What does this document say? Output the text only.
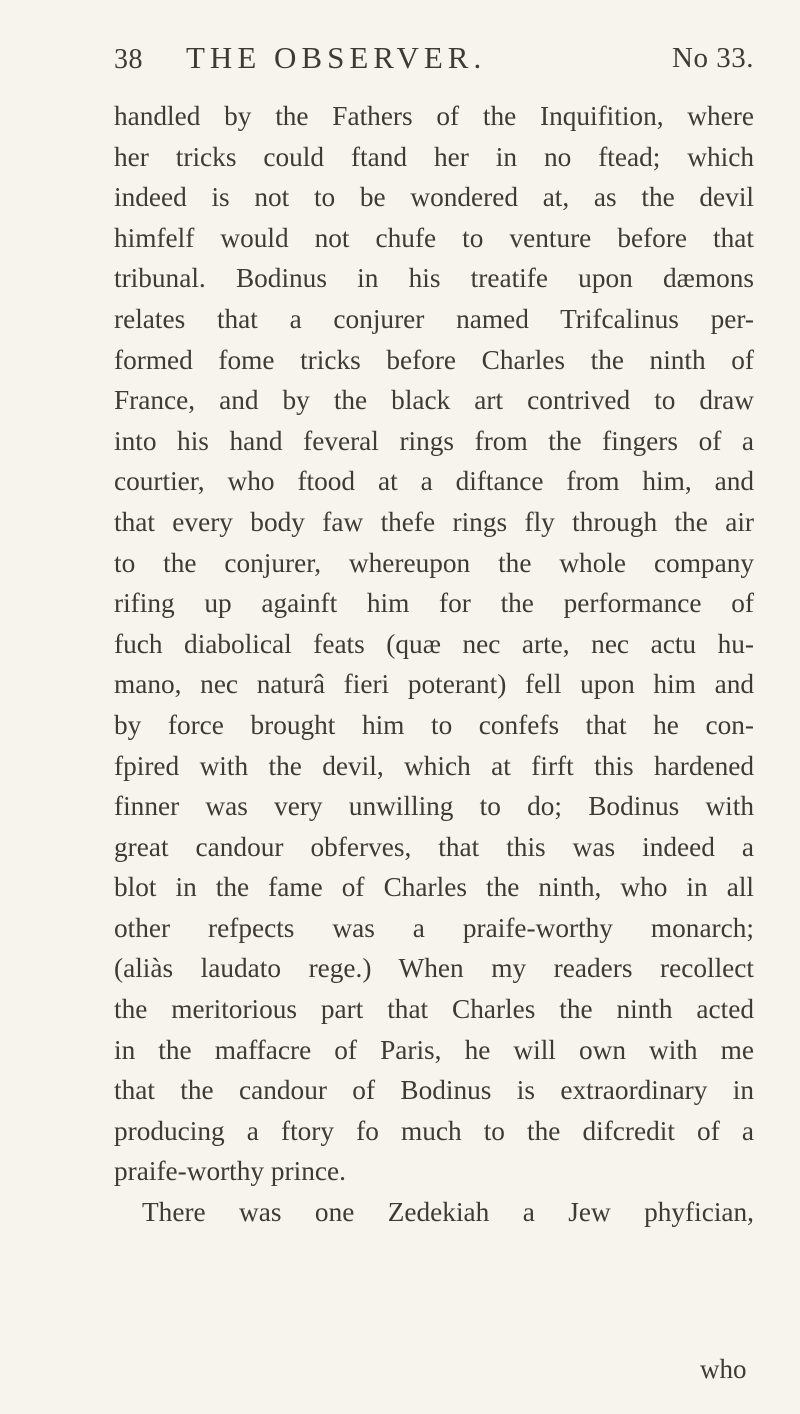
38 THE OBSERVER.	No 33.
handled by the Fathers of the Inquifition, where
her tricks could ftand her in no ftead; which
indeed is not to be wondered at, as the devil
himfelf would not chufe to venture before that
tribunal. Bodinus in his treatife upon dæmons
relates that a conjurer named Trifcalinus per-
formed fome tricks before Charles the ninth of
France, and by the black art contrived to draw
into his hand feveral rings from the fingers of a
courtier, who ftood at a diftance from him, and
that every body faw thefe rings fly through the air
to the conjurer, whereupon the whole company
rifing up againft him for the performance of
fuch diabolical feats (quæ nec arte, nec actu hu-
mano, nec naturâ fieri poterant) fell upon him and
by force brought him to confefs that he con-
fpired with the devil, which at firft this hardened
finner was very unwilling to do; Bodinus with
great candour obferves, that this was indeed a
blot in the fame of Charles the ninth, who in all
other refpects was a praife-worthy monarch;
(aliàs laudato rege.) When my readers recollect
the meritorious part that Charles the ninth acted
in the maffacre of Paris, he will own with me
that the candour of Bodinus is extraordinary in
producing a ftory fo much to the difcredit of a
praife-worthy prince.
There was one Zedekiah a Jew phyfician,
who
